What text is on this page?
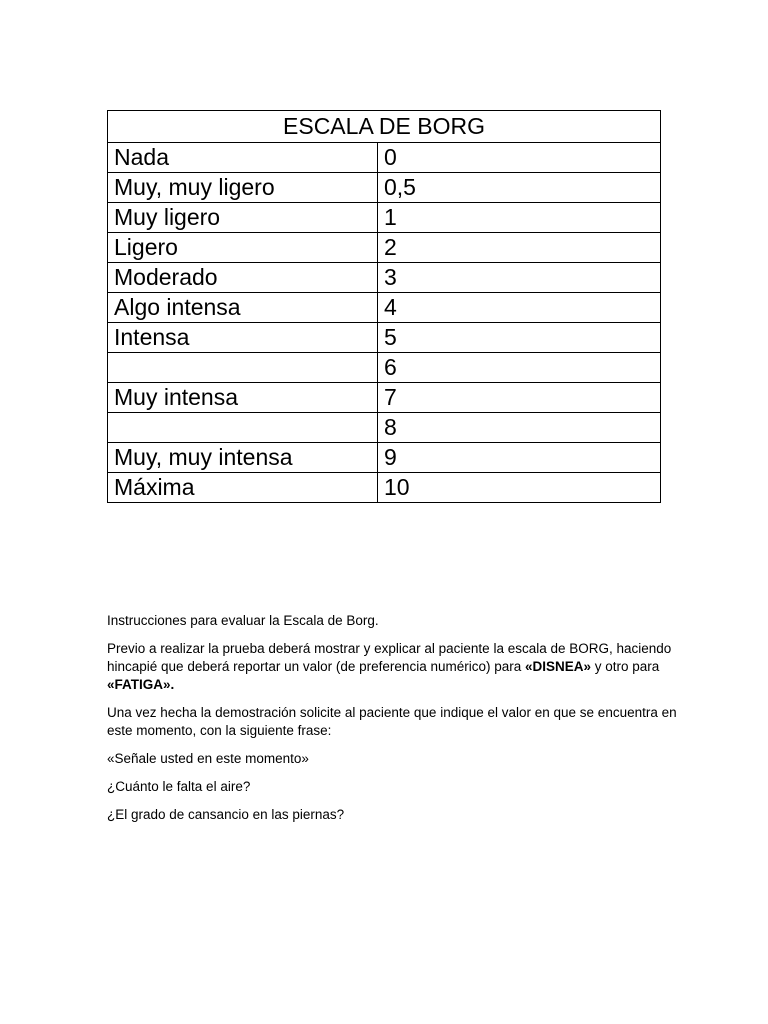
ESCALA DE BORG	
Nada	0
Muy, muy ligero	0,5
Muy ligero	1
Ligero	2
Moderado	3
Algo intensa	4
Intensa	5
	6
Muy intensa	7
	8
Muy, muy intensa	9
Máxima	10

Instrucciones para evaluar la Escala de Borg.

Previo a realizar la prueba deberá mostrar y explicar al paciente la escala de BORG, haciendo hincapié que deberá reportar un valor (de preferencia numérico) para «DISNEA» y otro para «FATIGA».

Una vez hecha la demostración solicite al paciente que indique el valor en que se encuentra en este momento, con la siguiente frase:

«Señale usted en este momento»

¿Cuánto le falta el aire?

¿El grado de cansancio en las piernas?
